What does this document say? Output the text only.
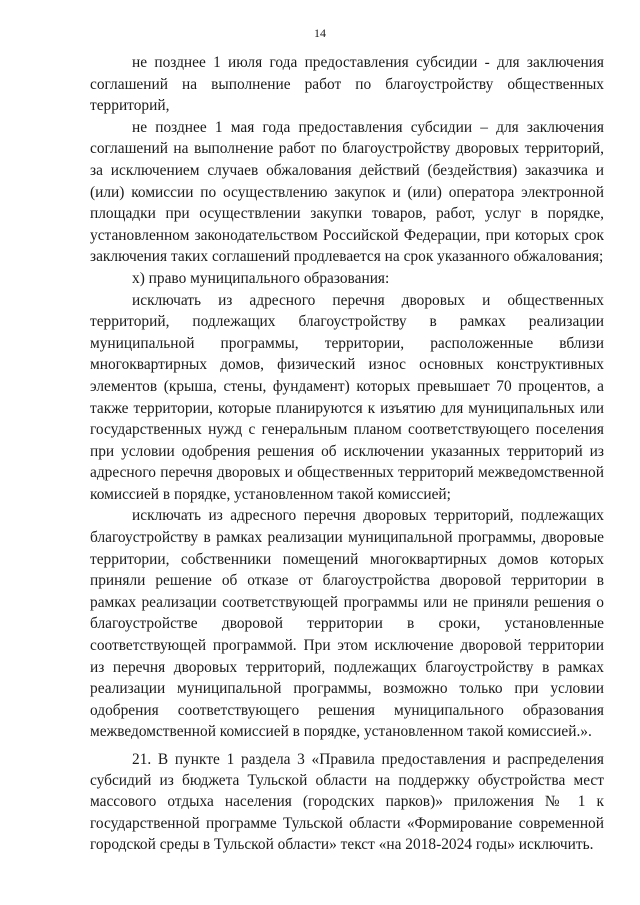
14

не позднее 1 июля года предоставления субсидии - для заключения соглашений на выполнение работ по благоустройству общественных территорий,

не позднее 1 мая года предоставления субсидии – для заключения соглашений на выполнение работ по благоустройству дворовых территорий, за исключением случаев обжалования действий (бездействия) заказчика и (или) комиссии по осуществлению закупок и (или) оператора электронной площадки при осуществлении закупки товаров, работ, услуг в порядке, установленном законодательством Российской Федерации, при которых срок заключения таких соглашений продлевается на срок указанного обжалования;

х) право муниципального образования:

исключать из адресного перечня дворовых и общественных территорий, подлежащих благоустройству в рамках реализации муниципальной программы, территории, расположенные вблизи многоквартирных домов, физический износ основных конструктивных элементов (крыша, стены, фундамент) которых превышает 70 процентов, а также территории, которые планируются к изъятию для муниципальных или государственных нужд с генеральным планом соответствующего поселения при условии одобрения решения об исключении указанных территорий из адресного перечня дворовых и общественных территорий межведомственной комиссией в порядке, установленном такой комиссией;

исключать из адресного перечня дворовых территорий, подлежащих благоустройству в рамках реализации муниципальной программы, дворовые территории, собственники помещений многоквартирных домов которых приняли решение об отказе от благоустройства дворовой территории в рамках реализации соответствующей программы или не приняли решения о благоустройстве дворовой территории в сроки, установленные соответствующей программой. При этом исключение дворовой территории из перечня дворовых территорий, подлежащих благоустройству в рамках реализации муниципальной программы, возможно только при условии одобрения соответствующего решения муниципального образования межведомственной комиссией в порядке, установленном такой комиссией.».

21. В пункте 1 раздела 3 «Правила предоставления и распределения субсидий из бюджета Тульской области на поддержку обустройства мест массового отдыха населения (городских парков)» приложения № 1 к государственной программе Тульской области «Формирование современной городской среды в Тульской области» текст «на 2018-2024 годы» исключить.
